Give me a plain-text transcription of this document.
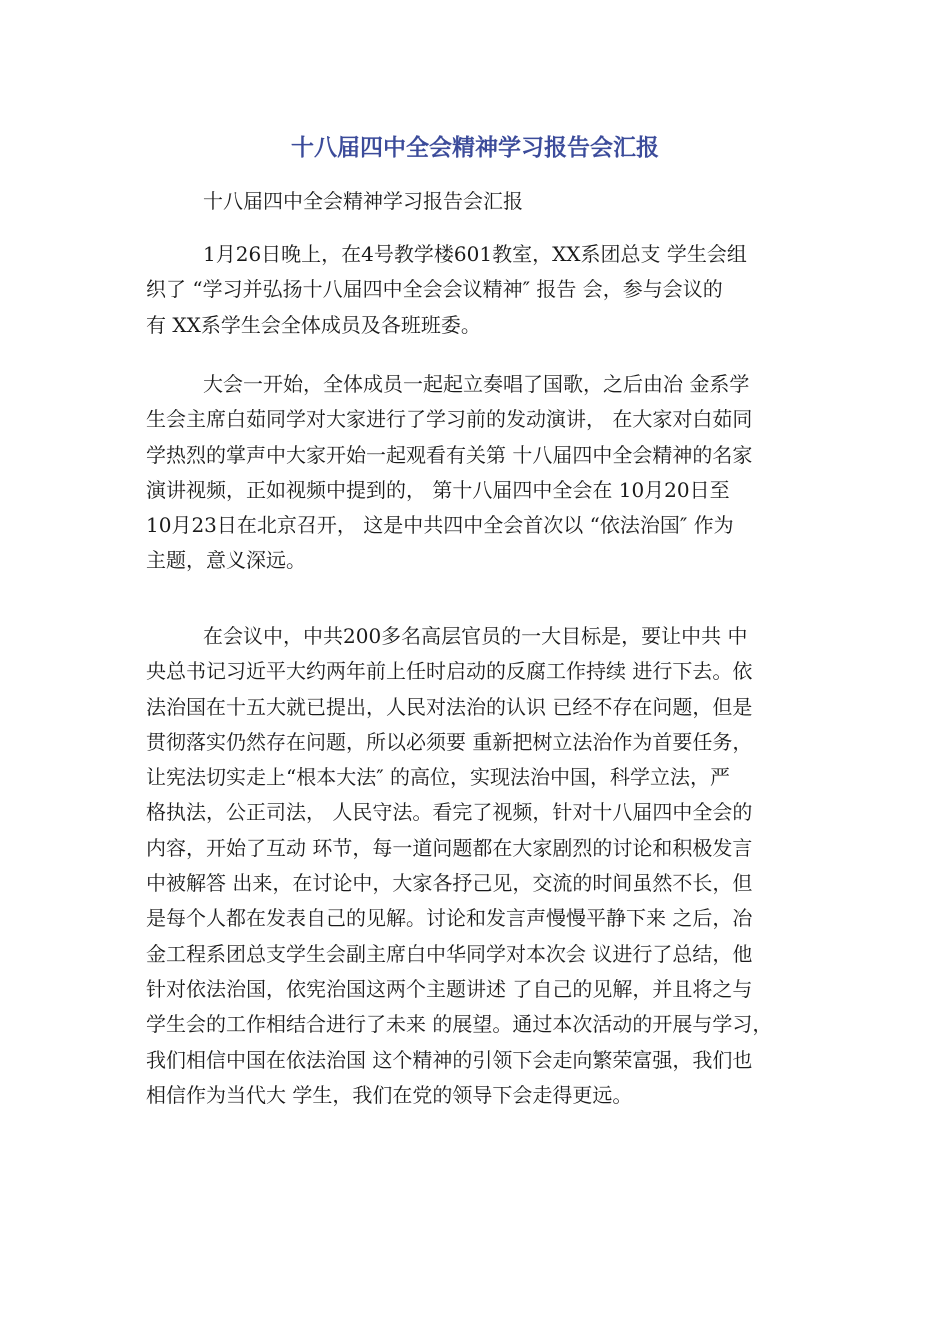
十八届四中全会精神学习报告会汇报

十八届四中全会精神学习报告会汇报

1月26日晚上，在4号教学楼601教室，XX系团总支 学生会组
织了 “学习并弘扬十八届四中全会会议精神″ 报告 会，参与会议的
有 XX系学生会全体成员及各班班委。

大会一开始，全体成员一起起立奏唱了国歌，之后由冶 金系学
生会主席白茹同学对大家进行了学习前的发动演讲， 在大家对白茹同
学热烈的掌声中大家开始一起观看有关第 十八届四中全会精神的名家
演讲视频，正如视频中提到的， 第十八届四中全会在 10月20日至
10月23日在北京召开， 这是中共四中全会首次以 “依法治国″ 作为
主题，意义深远。

在会议中，中共200多名高层官员的一大目标是，要让中共 中
央总书记习近平大约两年前上任时启动的反腐工作持续 进行下去。依
法治国在十五大就已提出，人民对法治的认识 已经不存在问题，但是
贯彻落实仍然存在问题，所以必须要 重新把树立法治作为首要任务，
让宪法切实走上“根本大法″ 的高位，实现法治中国，科学立法，严
格执法，公正司法， 人民守法。看完了视频，针对十八届四中全会的
内容，开始了互动 环节，每一道问题都在大家剧烈的讨论和积极发言
中被解答 出来，在讨论中，大家各抒己见，交流的时间虽然不长，但
是每个人都在发表自己的见解。讨论和发言声慢慢平静下来 之后，冶
金工程系团总支学生会副主席白中华同学对本次会 议进行了总结，他
针对依法治国，依宪治国这两个主题讲述 了自己的见解，并且将之与
学生会的工作相结合进行了未来 的展望。通过本次活动的开展与学习，
我们相信中国在依法治国 这个精神的引领下会走向繁荣富强，我们也
相信作为当代大 学生，我们在党的领导下会走得更远。
